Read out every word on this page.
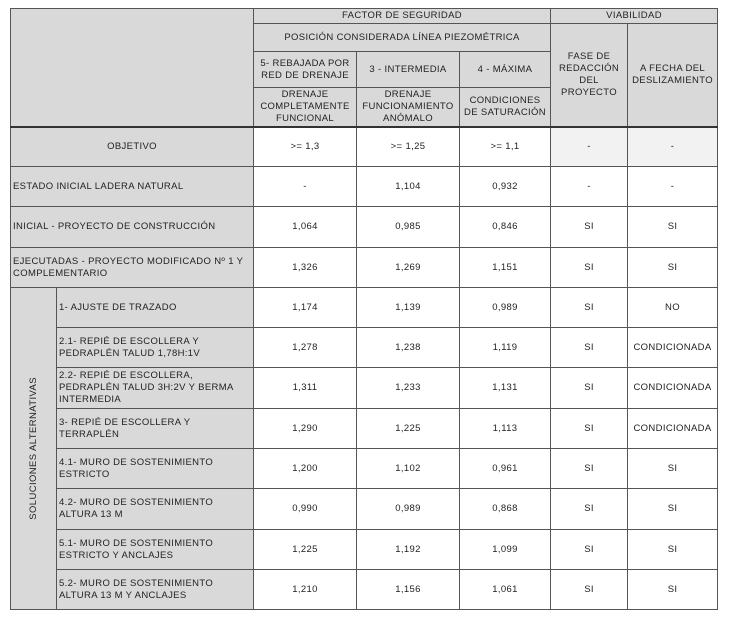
		FACTOR DE SEGURIDAD			VIABILIDAD	
		POSICIÓN CONSIDERADA LÍNEA PIEZOMÉTRICA			FASE DE REDACCIÓN DEL PROYECTO	A FECHA DEL DESLIZAMIENTO
		5- REBAJADA POR RED DE DRENAJE	3 - INTERMEDIA	4 - MÁXIMA		
		DRENAJE COMPLETAMENTE FUNCIONAL	DRENAJE FUNCIONAMIENTO ANÓMALO	CONDICIONES DE SATURACIÓN		
OBJETIVO		>= 1,3	>= 1,25	>= 1,1	-	-
ESTADO INICIAL LADERA NATURAL		-	1,104	0,932	-	-
INICIAL - PROYECTO DE CONSTRUCCIÓN		1,064	0,985	0,846	SI	SI
EJECUTADAS - PROYECTO MODIFICADO Nº 1 Y COMPLEMENTARIO		1,326	1,269	1,151	SI	SI

SOLUCIONES ALTERNATIVAS	1- AJUSTE DE TRAZADO	1,174	1,139	0,989	SI	NO
	2.1- REPIÉ DE ESCOLLERA Y PEDRAPLÉN TALUD 1,78H:1V	1,278	1,238	1,119	SI	CONDICIONADA
	2.2- REPIÉ DE ESCOLLERA, PEDRAPLÉN TALUD 3H:2V Y BERMA INTERMEDIA	1,311	1,233	1,131	SI	CONDICIONADA
	3- REPIÉ DE ESCOLLERA Y TERRAPLÉN	1,290	1,225	1,113	SI	CONDICIONADA
	4.1- MURO DE SOSTENIMIENTO ESTRICTO	1,200	1,102	0,961	SI	SI
	4.2- MURO DE SOSTENIMIENTO ALTURA 13 M	0,990	0,989	0,868	SI	SI
	5.1- MURO DE SOSTENIMIENTO ESTRICTO Y ANCLAJES	1,225	1,192	1,099	SI	SI
	5.2- MURO DE SOSTENIMIENTO ALTURA 13 M Y ANCLAJES	1,210	1,156	1,061	SI	SI
